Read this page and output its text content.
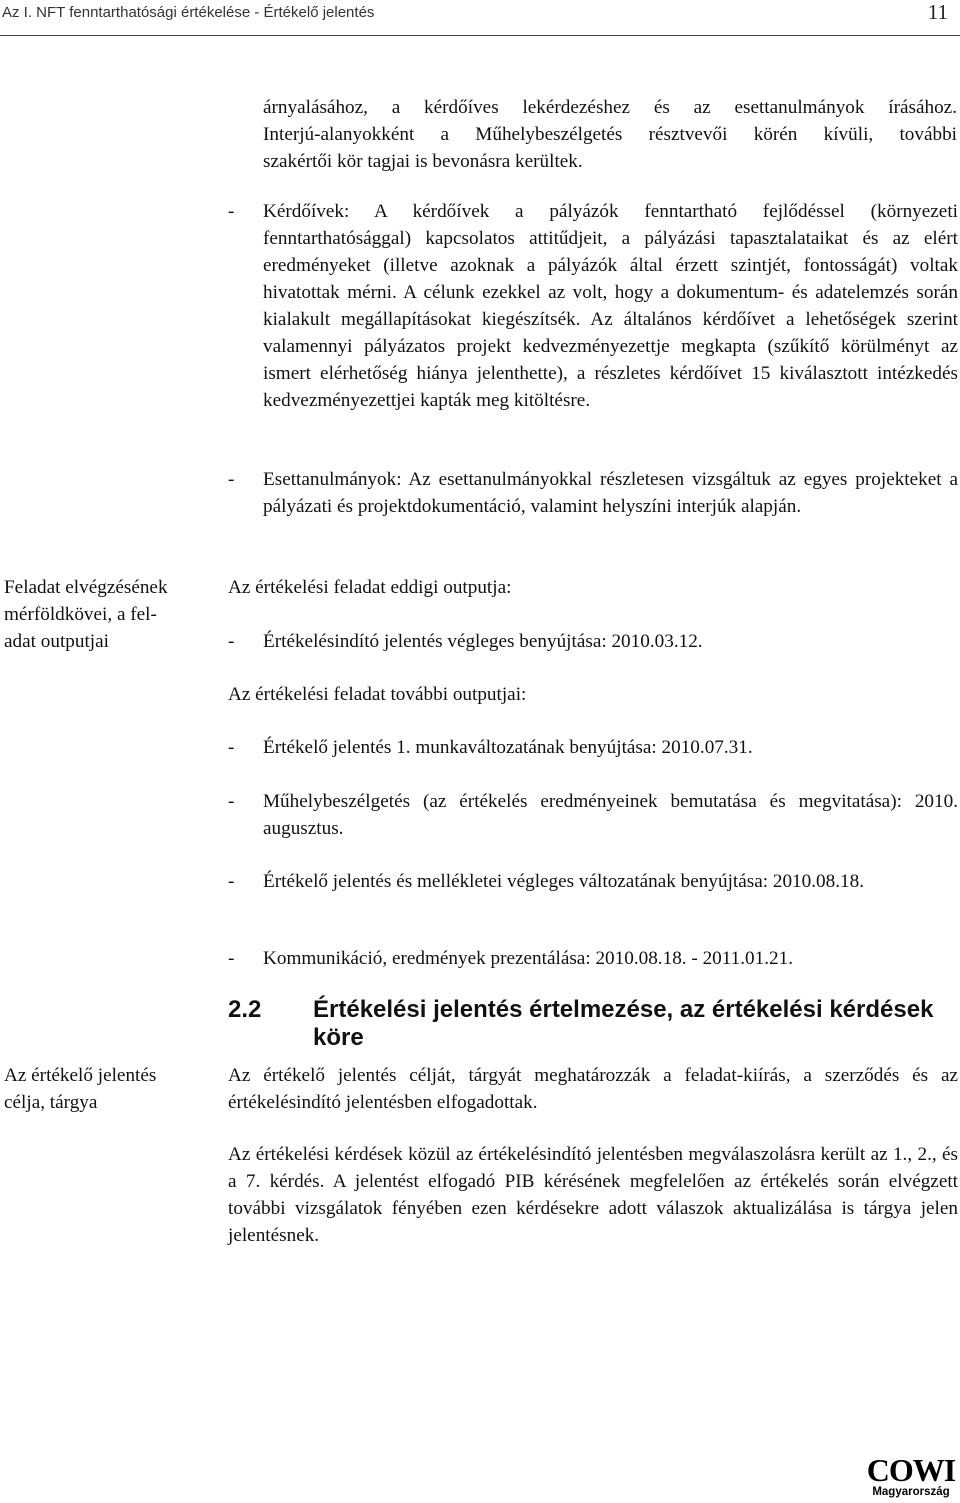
Az I. NFT fenntarthatósági értékelése - Értékelő jelentés	11

árnyalásához, a kérdőíves lekérdezéshez és az esettanulmányok írásához.

Interjú-alanyokként a Műhelybeszélgetés résztvevői körén kívüli, további

szakértői kör tagjai is bevonásra kerültek.

- Kérdőívek: A kérdőívek a pályázók fenntartható fejlődéssel (környezeti fenntarthatósággal) kapcsolatos attitűdjeit, a pályázási tapasztalataikat és az elért eredményeket (illetve azoknak a pályázók által érzett szintjét, fontosságát) voltak hivatottak mérni. A célunk ezekkel az volt, hogy a dokumentum- és adatelemzés során kialakult megállapításokat kiegészítsék. Az általános kérdőívet a lehetőségek szerint valamennyi pályázatos projekt kedvezményezettje megkapta (szűkítő körülményt az ismert elérhetőség hiánya jelenthette), a részletes kérdőívet 15 kiválasztott intézkedés kedvezményezettjei kapták meg kitöltésre.
- Esettanulmányok: Az esettanulmányokkal részletesen vizsgáltuk az egyes projekteket a pályázati és projektdokumentáció, valamint helyszíni interjúk alapján.
Feladat elvégzésének
mérföldkövei, a fel-
adat outputjai
Az értékelési feladat eddigi outputja:
- Értékelésindító jelentés végleges benyújtása: 2010.03.12.
Az értékelési feladat további outputjai:
- Értékelő jelentés 1. munkaváltozatának benyújtása: 2010.07.31.
- Műhelybeszélgetés (az értékelés eredményeinek bemutatása és megvitatása): 2010. augusztus.
- Értékelő jelentés és mellékletei végleges változatának benyújtása: 2010.08.18.
- Kommunikáció, eredmények prezentálása: 2010.08.18. - 2011.01.21.
2.2 Értékelési jelentés értelmezése, az értékelési kérdések köre
Az értékelő jelentés
célja, tárgya
Az értékelő jelentés célját, tárgyát meghatározzák a feladat-kiírás, a szerződés és az értékelésindító jelentésben elfogadottak.
Az értékelési kérdések közül az értékelésindító jelentésben megválaszolásra került az 1., 2., és a 7. kérdés. A jelentést elfogadó PIB kérésének megfelelően az értékelés során elvégzett további vizsgálatok fényében ezen kérdésekre adott válaszok aktualizálása is tárgya jelen jelentésnek.
COWI
Magyarország
